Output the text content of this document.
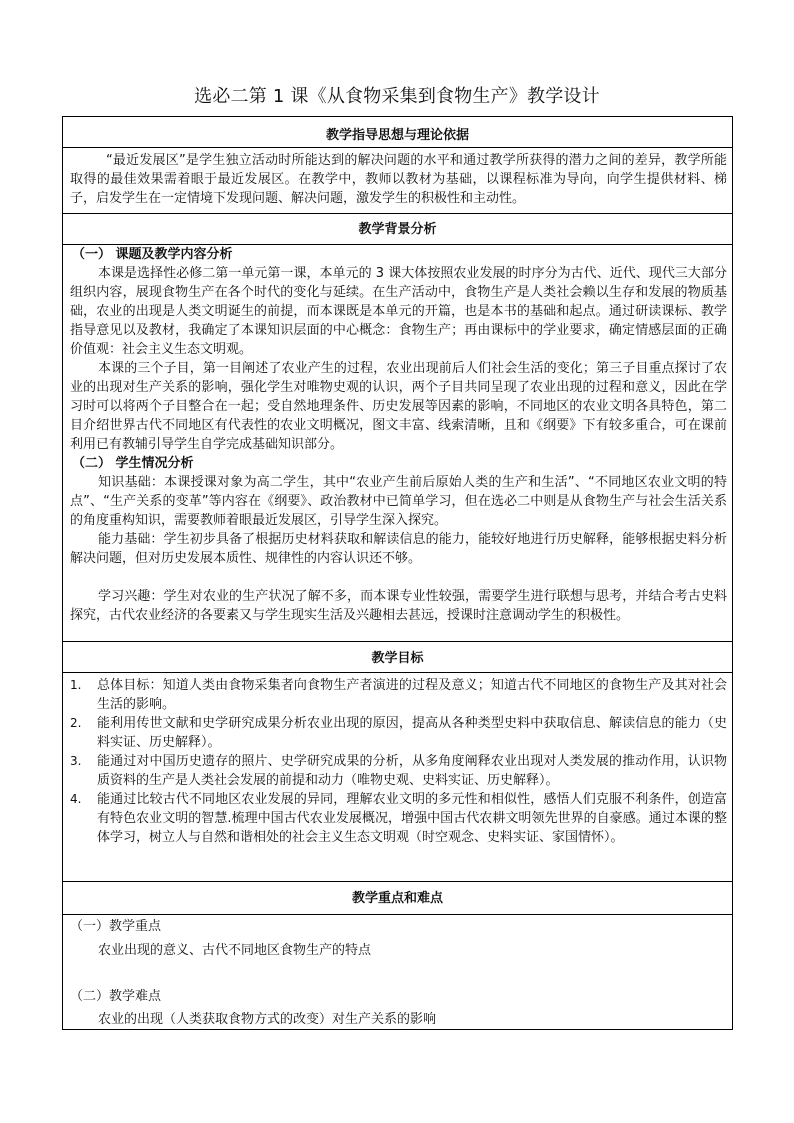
选必二第 1 课《从食物采集到食物生产》教学设计
教学指导思想与理论依据
“最近发展区”是学生独立活动时所能达到的解决问题的水平和通过教学所获得的潜力之间的差异，教学所能取得的最佳效果需着眼于最近发展区。在教学中，教师以教材为基础，以课程标准为导向，向学生提供材料、梯子，启发学生在一定情境下发现问题、解决问题，激发学生的积极性和主动性。
教学背景分析
（一） 课题及教学内容分析
本课是选择性必修二第一单元第一课，本单元的 3 课大体按照农业发展的时序分为古代、近代、现代三大部分组织内容，展现食物生产在各个时代的变化与延续。在生产活动中，食物生产是人类社会赖以生存和发展的物质基础，农业的出现是人类文明诞生的前提，而本课既是本单元的开篇，也是本书的基础和起点。通过研读课标、教学指导意见以及教材，我确定了本课知识层面的中心概念：食物生产；再由课标中的学业要求，确定情感层面的正确价值观：社会主义生态文明观。
本课的三个子目，第一目阐述了农业产生的过程，农业出现前后人们社会生活的变化；第三子目重点探讨了农业的出现对生产关系的影响，强化学生对唯物史观的认识，两个子目共同呈现了农业出现的过程和意义，因此在学习时可以将两个子目整合在一起；受自然地理条件、历史发展等因素的影响，不同地区的农业文明各具特色，第二目介绍世界古代不同地区有代表性的农业文明概况，图文丰富、线索清晰，且和《纲要》下有较多重合，可在课前利用已有教辅引导学生自学完成基础知识部分。
（二） 学生情况分析
知识基础：本课授课对象为高二学生，其中“农业产生前后原始人类的生产和生活”、“不同地区农业文明的特点”、“生产关系的变革”等内容在《纲要》、政治教材中已简单学习，但在选必二中则是从食物生产与社会生活关系的角度重构知识，需要教师着眼最近发展区，引导学生深入探究。
能力基础：学生初步具备了根据历史材料获取和解读信息的能力，能较好地进行历史解释，能够根据史料分析解决问题，但对历史发展本质性、规律性的内容认识还不够。
学习兴趣：学生对农业的生产状况了解不多，而本课专业性较强，需要学生进行联想与思考，并结合考古史料探究，古代农业经济的各要素又与学生现实生活及兴趣相去甚远，授课时注意调动学生的积极性。
教学目标
1. 总体目标：知道人类由食物采集者向食物生产者演进的过程及意义；知道古代不同地区的食物生产及其对社会生活的影响。
2. 能利用传世文献和史学研究成果分析农业出现的原因，提高从各种类型史料中获取信息、解读信息的能力（史料实证、历史解释）。
3. 能通过对中国历史遗存的照片、史学研究成果的分析，从多角度阐释农业出现对人类发展的推动作用，认识物质资料的生产是人类社会发展的前提和动力（唯物史观、史料实证、历史解释）。
4. 能通过比较古代不同地区农业发展的异同，理解农业文明的多元性和相似性，感悟人们克服不利条件，创造富有特色农业文明的智慧.梳理中国古代农业发展概况，增强中国古代农耕文明领先世界的自豪感。通过本课的整体学习，树立人与自然和谐相处的社会主义生态文明观（时空观念、史料实证、家国情怀）。
教学重点和难点
（一）教学重点
农业出现的意义、古代不同地区食物生产的特点
（二）教学难点
农业的出现（人类获取食物方式的改变）对生产关系的影响
